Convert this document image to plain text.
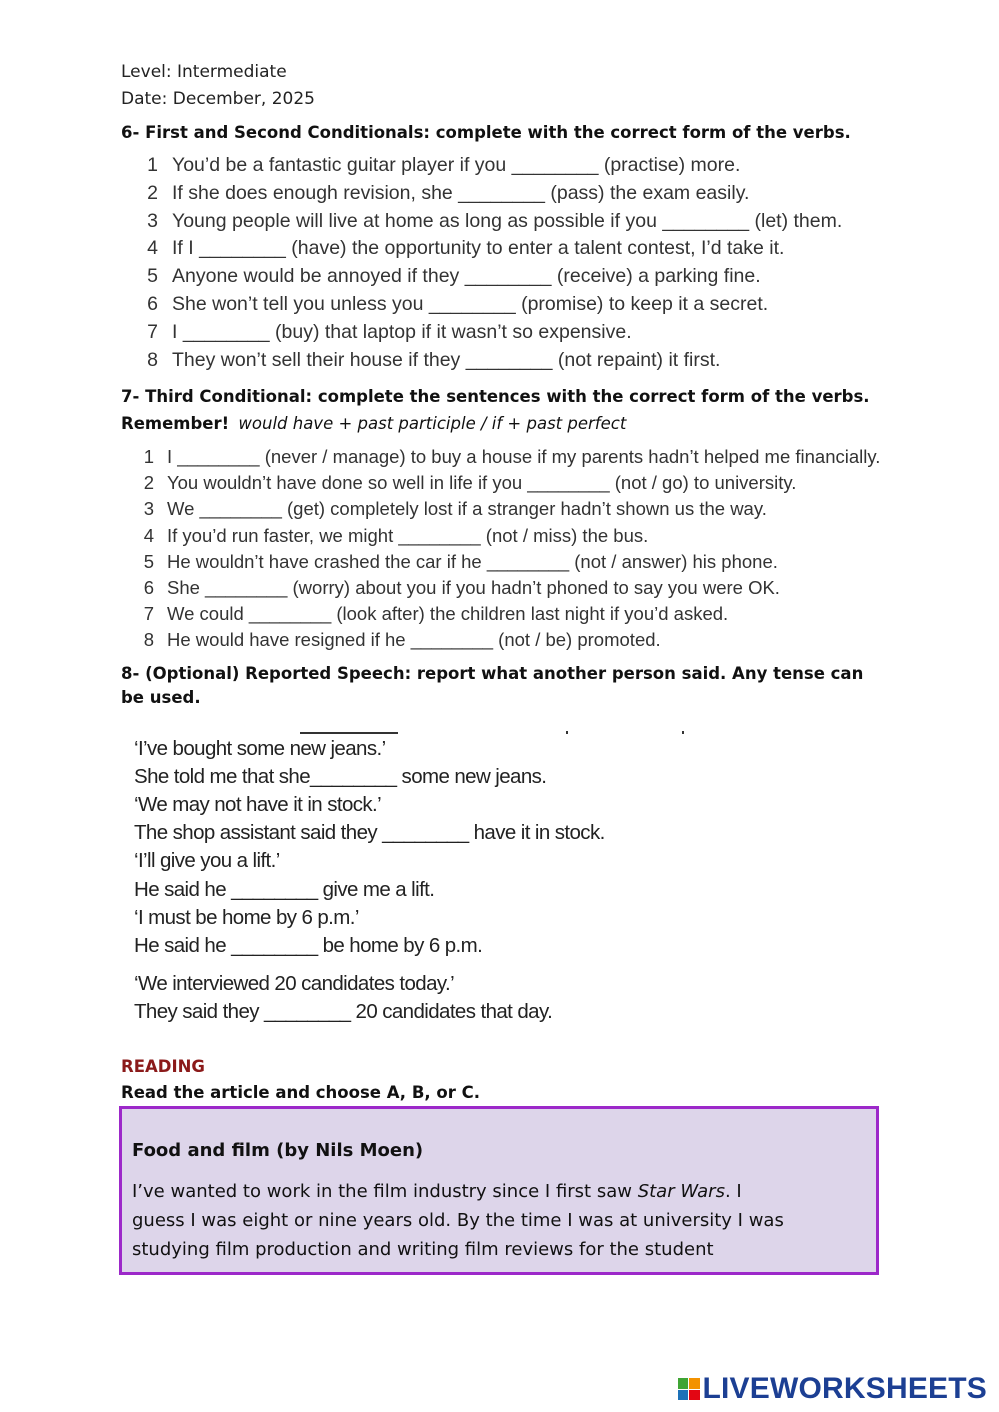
Level: Intermediate
Date: December, 2025
6- First and Second Conditionals: complete with the correct form of the verbs.
1 You’d be a fantastic guitar player if you ________ (practise) more.
2 If she does enough revision, she ________ (pass) the exam easily.
3 Young people will live at home as long as possible if you ________ (let) them.
4 If I ________ (have) the opportunity to enter a talent contest, I’d take it.
5 Anyone would be annoyed if they ________ (receive) a parking fine.
6 She won’t tell you unless you ________ (promise) to keep it a secret.
7 I ________ (buy) that laptop if it wasn’t so expensive.
8 They won’t sell their house if they ________ (not repaint) it first.
7- Third Conditional: complete the sentences with the correct form of the verbs.
Remember! would have + past participle / if + past perfect
1 I ________ (never / manage) to buy a house if my parents hadn’t helped me financially.
2 You wouldn’t have done so well in life if you ________ (not / go) to university.
3 We ________ (get) completely lost if a stranger hadn’t shown us the way.
4 If you’d run faster, we might ________ (not / miss) the bus.
5 He wouldn’t have crashed the car if he ________ (not / answer) his phone.
6 She ________ (worry) about you if you hadn’t phoned to say you were OK.
7 We could ________ (look after) the children last night if you’d asked.
8 He would have resigned if he ________ (not / be) promoted.
8- (Optional) Reported Speech: report what another person said. Any tense can
be used.
‘I’ve bought some new jeans.’
She told me that she________ some new jeans.
‘We may not have it in stock.’
The shop assistant said they ________ have it in stock.
‘I’ll give you a lift.’
He said he ________ give me a lift.
‘I must be home by 6 p.m.’
He said he ________ be home by 6 p.m.
‘We interviewed 20 candidates today.’
They said they ________ 20 candidates that day.
READING
Read the article and choose A, B, or C.
Food and film (by Nils Moen)
I’ve wanted to work in the film industry since I first saw Star Wars. I
guess I was eight or nine years old. By the time I was at university I was
studying film production and writing film reviews for the student
LIVEWORKSHEETS
